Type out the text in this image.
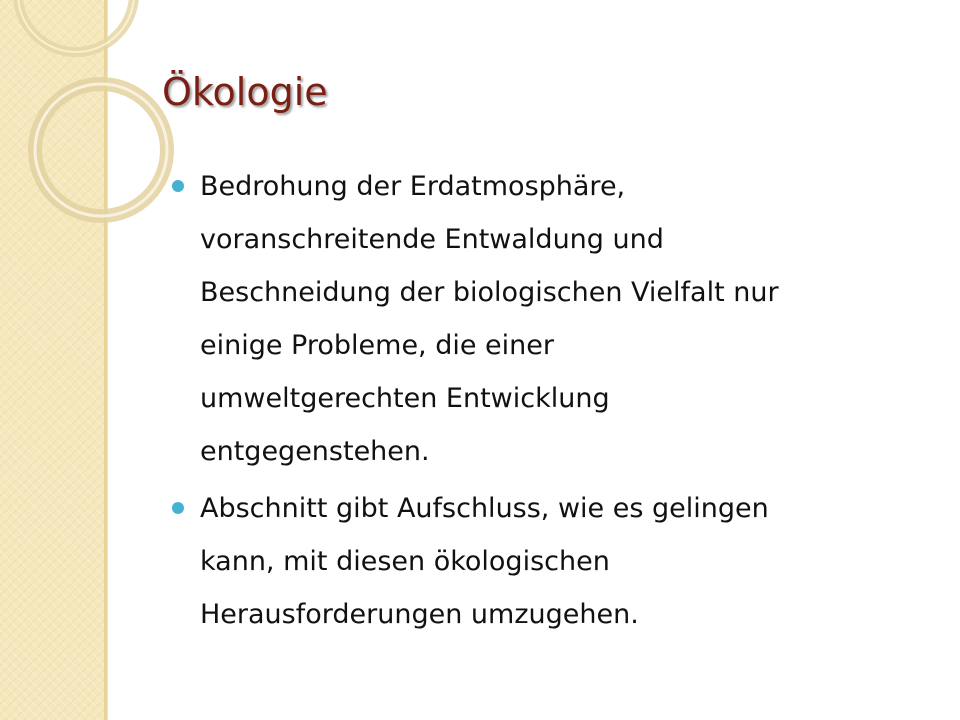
Ökologie
Bedrohung der Erdatmosphäre,
voranschreitende Entwaldung und
Beschneidung der biologischen Vielfalt nur
einige Probleme, die einer
umweltgerechten Entwicklung
entgegenstehen.
Abschnitt gibt Aufschluss, wie es gelingen
kann, mit diesen ökologischen
Herausforderungen umzugehen.
